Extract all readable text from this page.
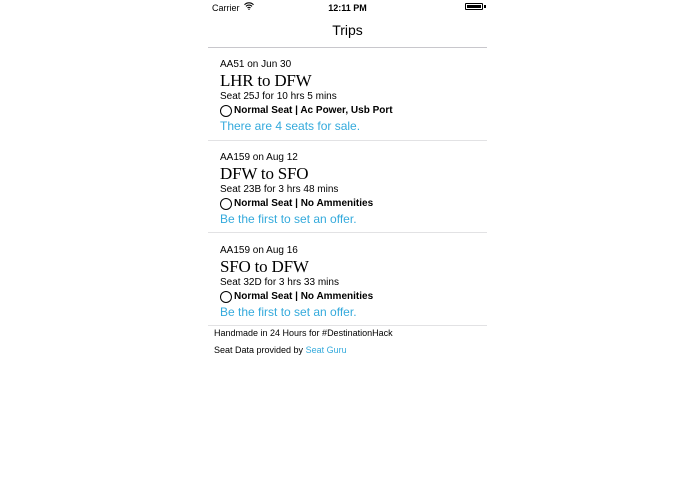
Carrier	12:11 PM
Trips
AA51 on Jun 30
LHR to DFW
Seat 25J for 10 hrs 5 mins
Normal Seat | Ac Power, Usb Port
There are 4 seats for sale.
AA159 on Aug 12
DFW to SFO
Seat 23B for 3 hrs 48 mins
Normal Seat | No Ammenities
Be the first to set an offer.
AA159 on Aug 16
SFO to DFW
Seat 32D for 3 hrs 33 mins
Normal Seat | No Ammenities
Be the first to set an offer.
Handmade in 24 Hours for #DestinationHack
Seat Data provided by Seat Guru
